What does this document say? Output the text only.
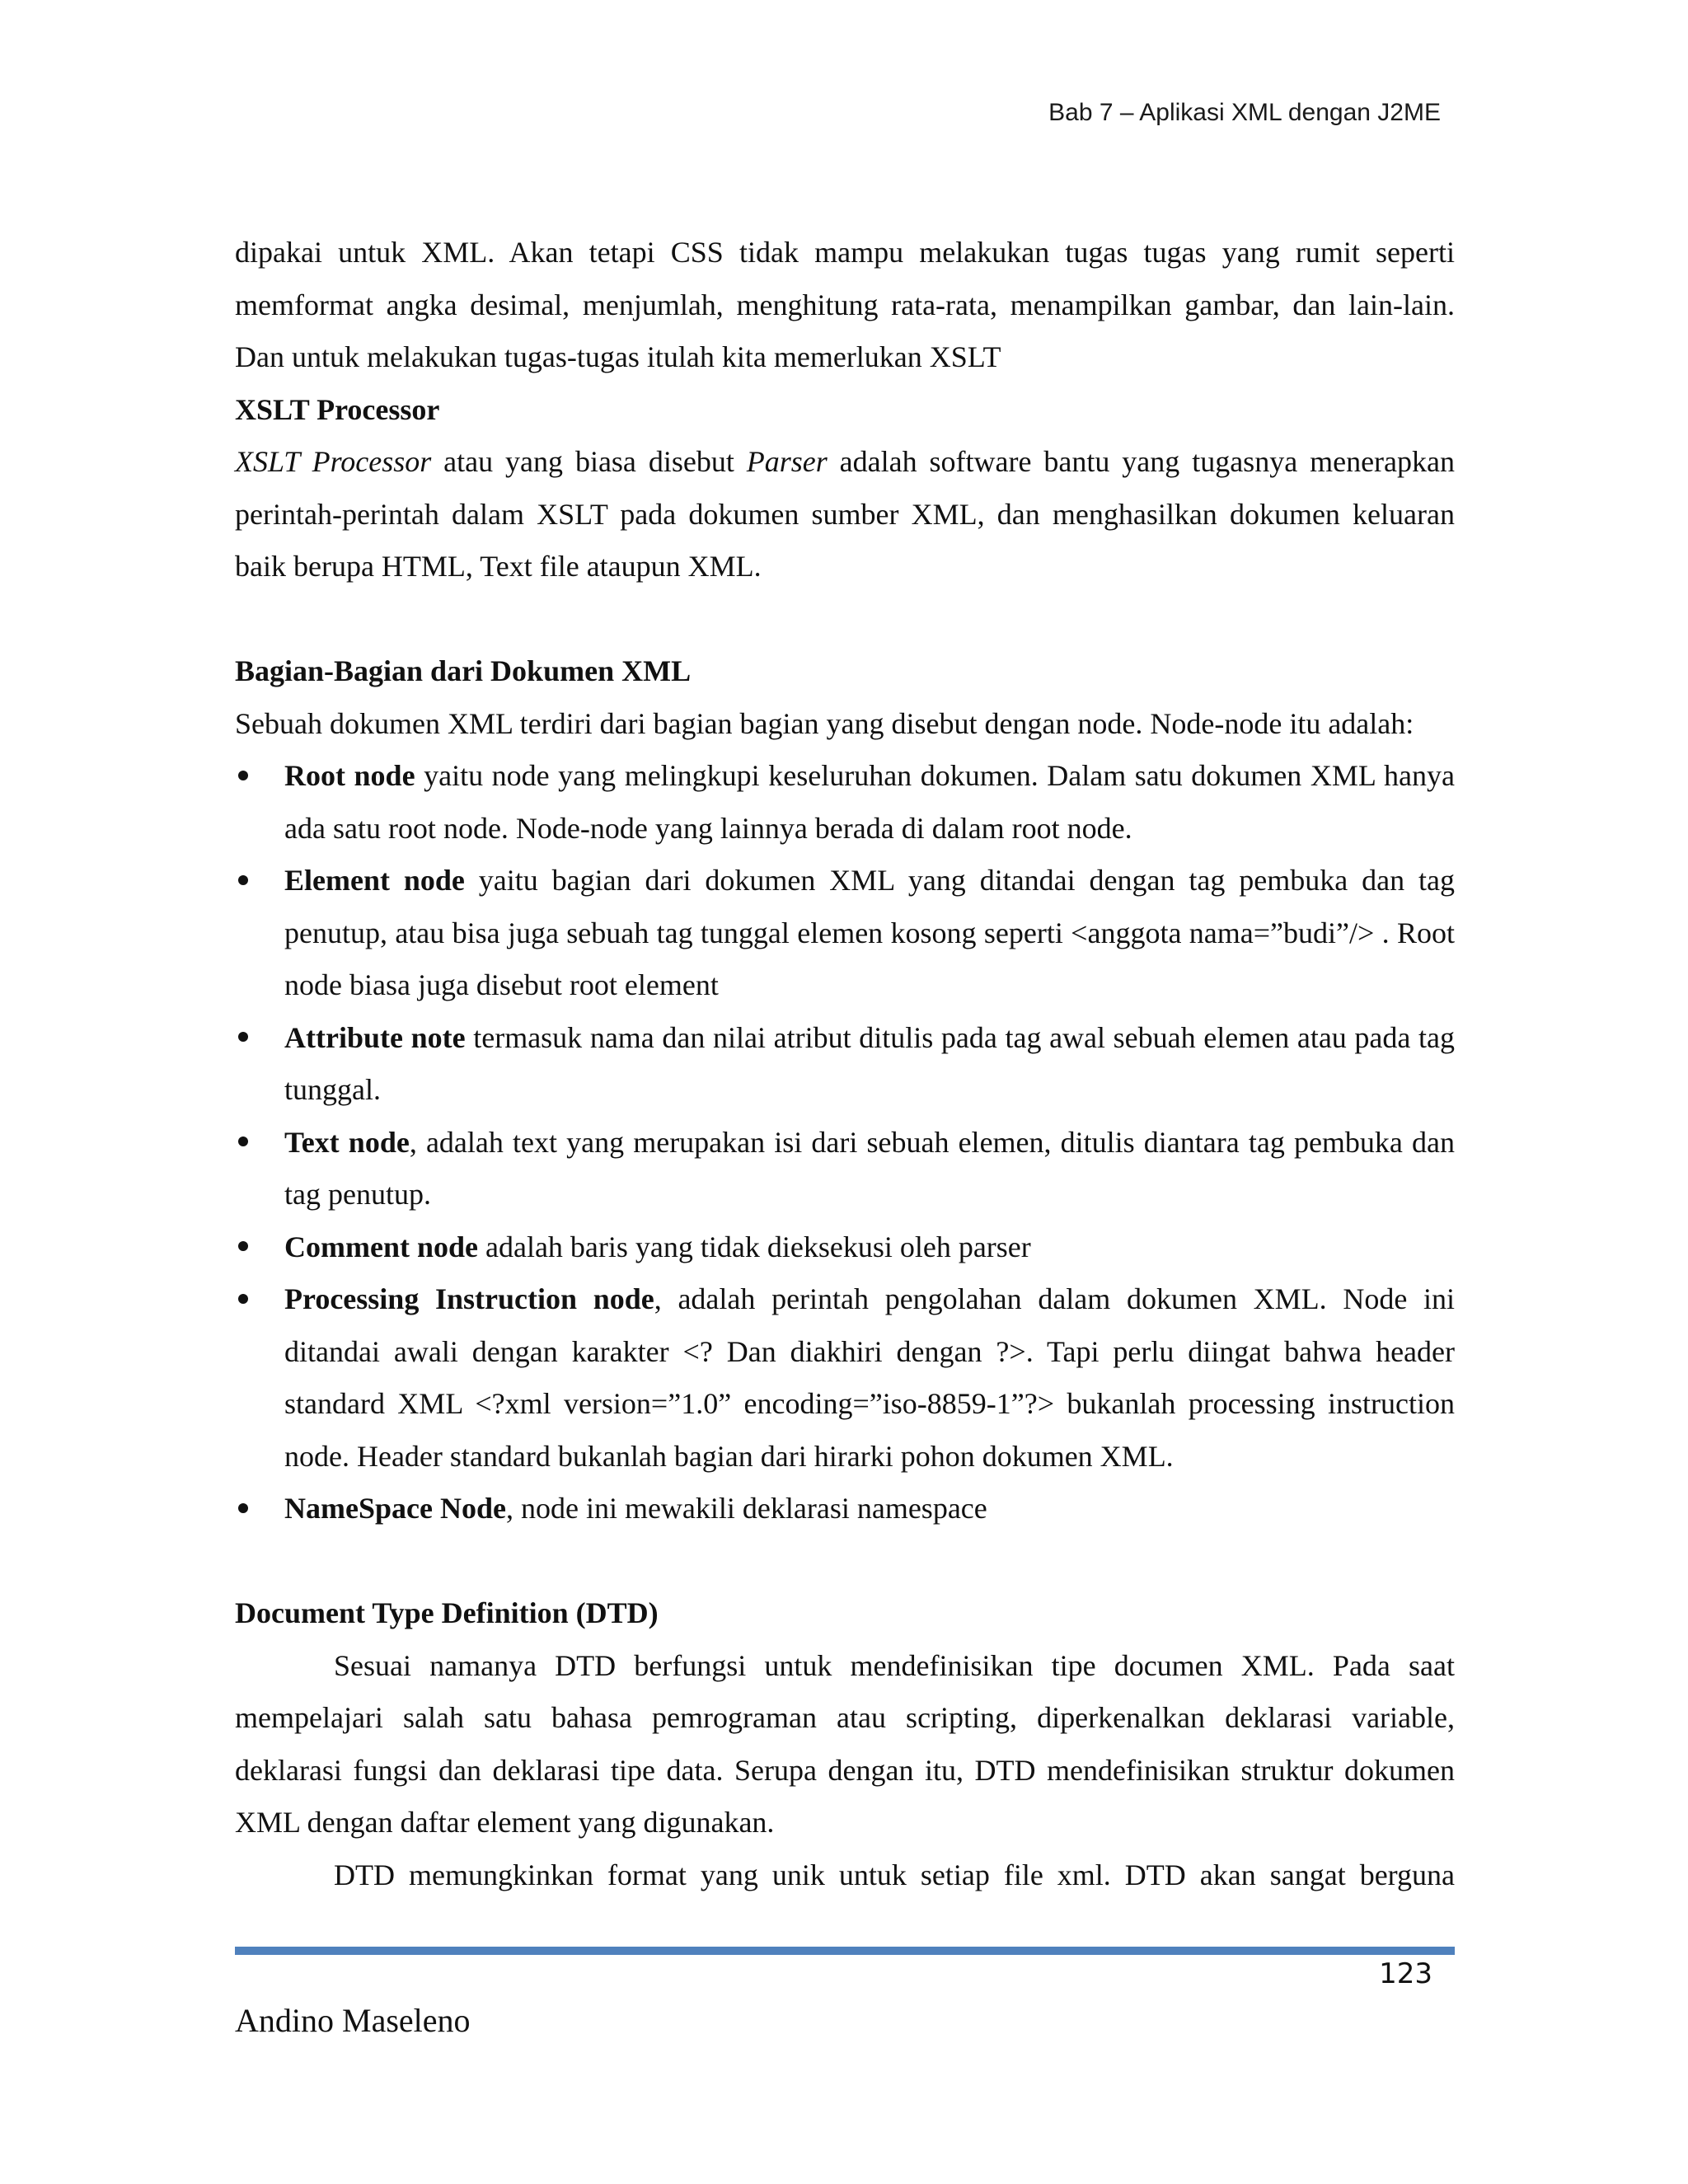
Bab 7 – Aplikasi XML dengan J2ME

dipakai untuk XML. Akan tetapi CSS tidak mampu melakukan tugas tugas yang rumit seperti memformat angka desimal, menjumlah, menghitung rata-rata, menampilkan gambar, dan lain-lain. Dan untuk melakukan tugas-tugas itulah kita memerlukan XSLT

XSLT Processor

XSLT Processor atau yang biasa disebut Parser adalah software bantu yang tugasnya menerapkan perintah-perintah dalam XSLT pada dokumen sumber XML, dan menghasilkan dokumen keluaran baik berupa HTML, Text file ataupun XML.

Bagian-Bagian dari Dokumen XML

Sebuah dokumen XML terdiri dari bagian bagian yang disebut dengan node. Node-node itu adalah:

Root node yaitu node yang melingkupi keseluruhan dokumen. Dalam satu dokumen XML hanya ada satu root node. Node-node yang lainnya berada di dalam root node.
Element node yaitu bagian dari dokumen XML yang ditandai dengan tag pembuka dan tag penutup, atau bisa juga sebuah tag tunggal elemen kosong seperti <anggota nama=”budi”/> . Root node biasa juga disebut root element
Attribute note termasuk nama dan nilai atribut ditulis pada tag awal sebuah elemen atau pada tag tunggal.
Text node, adalah text yang merupakan isi dari sebuah elemen, ditulis diantara tag pembuka dan tag penutup.
Comment node adalah baris yang tidak dieksekusi oleh parser
Processing Instruction node, adalah perintah pengolahan dalam dokumen XML. Node ini ditandai awali dengan karakter <? Dan diakhiri dengan ?>. Tapi perlu diingat bahwa header standard XML <?xml version=”1.0” encoding=”iso-8859-1”?> bukanlah processing instruction node. Header standard bukanlah bagian dari hirarki pohon dokumen XML.
NameSpace Node, node ini mewakili deklarasi namespace

Document Type Definition (DTD)

Sesuai namanya DTD berfungsi untuk mendefinisikan tipe documen XML. Pada saat mempelajari salah satu bahasa pemrograman atau scripting, diperkenalkan deklarasi variable, deklarasi fungsi dan deklarasi tipe data. Serupa dengan itu, DTD mendefinisikan struktur dokumen XML dengan daftar element yang digunakan.

DTD memungkinkan format yang unik untuk setiap file xml. DTD akan sangat berguna

123
Andino Maseleno
